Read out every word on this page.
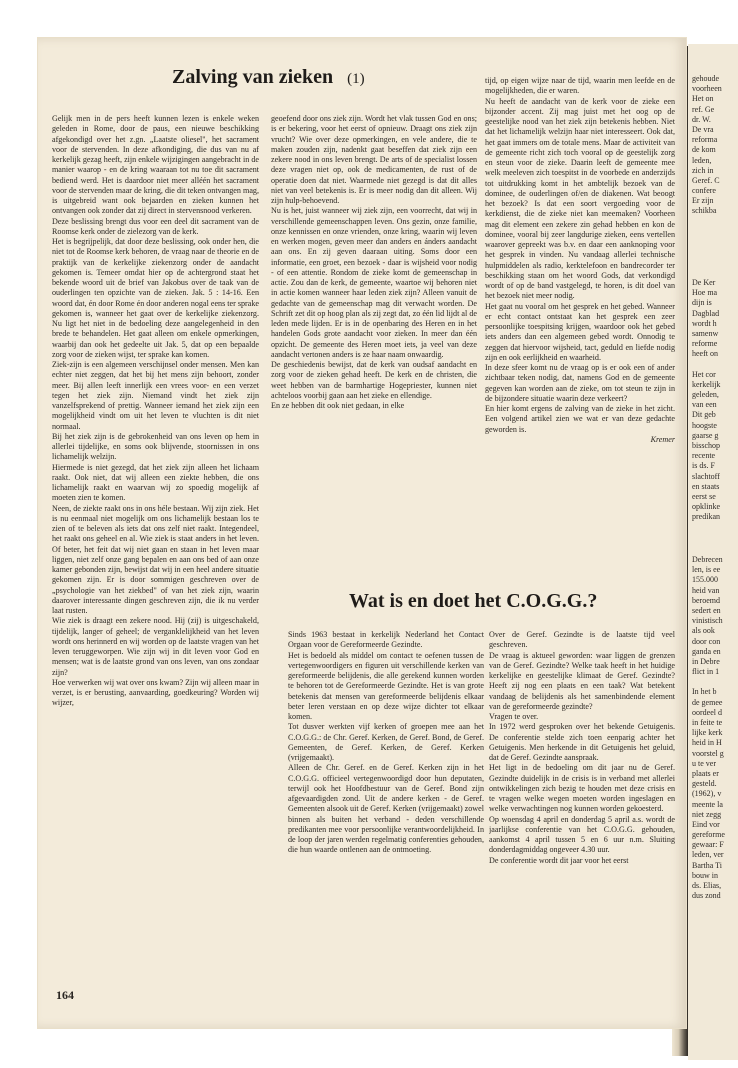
gehoude
voorheen
Het on
ref. Ge
dr. W.
De vra
reforma
de kom
leden,
zich in
Geref. C
confere
Er zijn
schikba
De Ker
Hoe ma
dijn is
Dagblad
wordt h
samenw
reforme
heeft on
Het cor
kerkelijk
geleden,
van een
Dit geb
hoogste
gaarse g
bisschop
recente
is ds. F
slachtoff
en staats
eerst se
opklinke
predikan
Debrecen
len, is ee
155.000
heid van
beroemd
sedert en
vinistisch
als ook
door con
ganda en
in Debre
flict in 1
In het b
de gemee
oordeel d
in feite te
lijke kerk
heid in H
voorstel g
u te ver
plaats er
gesteld.
(1962), v
meente la
niet zegg
Eind vor
gereforme
gewaar: F
leden, ver
Bartha Ti
bouw in
ds. Elias,
dus zond
Zalving van zieken (1)

Gelijk men in de pers heeft kunnen lezen is enkele weken geleden in Rome, door de paus, een nieuwe beschikking afgekondigd over het z.gn. „Laatste oliesel", het sacrament voor de stervenden. In deze afkondiging, die dus van nu af kerkelijk gezag heeft, zijn enkele wijzigingen aangebracht in de manier waarop - en de kring waaraan tot nu toe dit sacrament bediend werd. Het is daardoor niet meer alléén het sacrament voor de stervenden maar de kring, die dit teken ontvangen mag, is uitgebreid want ook bejaarden en zieken kunnen het ontvangen ook zonder dat zij direct in stervensnood verkeren.

Deze beslissing brengt dus voor een deel dit sacrament van de Roomse kerk onder de zielezorg van de kerk.

Het is begrijpelijk, dat door deze beslissing, ook onder hen, die niet tot de Roomse kerk behoren, de vraag naar de theorie en de praktijk van de kerkelijke ziekenzorg onder de aandacht gekomen is. Temeer omdat hier op de achtergrond staat het bekende woord uit de brief van Jakobus over de taak van de ouderlingen ten opzichte van de zieken. Jak. 5 : 14-16. Een woord dat, én door Rome én door anderen nogal eens ter sprake gekomen is, wanneer het gaat over de kerkelijke ziekenzorg. Nu ligt het niet in de bedoeling deze aangelegenheid in den brede te behandelen. Het gaat alleen om enkele opmerkingen, waarbij dan ook het gedeelte uit Jak. 5, dat op een bepaalde zorg voor de zieken wijst, ter sprake kan komen.

Ziek-zijn is een algemeen verschijnsel onder mensen. Men kan echter niet zeggen, dat het bij het mens zijn behoort, zonder meer. Bij allen leeft innerlijk een vrees voor- en een verzet tegen het ziek zijn. Niemand vindt het ziek zijn vanzelfsprekend of prettig. Wanneer iemand het ziek zijn een mogelijkheid vindt om uit het leven te vluchten is dit niet normaal.

Bij het ziek zijn is de gebrokenheid van ons leven op hem in allerlei tijdelijke, en soms ook blijvende, stoornissen in ons lichamelijk welzijn.

Hiermede is niet gezegd, dat het ziek zijn alleen het lichaam raakt. Ook niet, dat wij alleen een ziekte hebben, die ons lichamelijk raakt en waarvan wij zo spoedig mogelijk af moeten zien te komen.

Neen, de ziekte raakt ons in ons héle bestaan. Wij zijn ziek. Het is nu eenmaal niet mogelijk om ons lichamelijk bestaan los te zien of te beleven als iets dat ons zelf niet raakt. Integendeel, het raakt ons geheel en al. Wie ziek is staat anders in het leven. Of beter, het feit dat wij niet gaan en staan in het leven maar liggen, niet zelf onze gang bepalen en aan ons bed of aan onze kamer gebonden zijn, bewijst dat wij in een heel andere situatie gekomen zijn. Er is door sommigen geschreven over de „psychologie van het ziekbed" of van het ziek zijn, waarin daarover interessante dingen geschreven zijn, die ik nu verder laat rusten.

Wie ziek is draagt een zekere nood. Hij (zij) is uitgeschakeld, tijdelijk, langer of geheel; de verganklelijkheid van het leven wordt ons herinnerd en wij worden op de laatste vragen van het leven teruggeworpen. Wie zijn wij in dit leven voor God en mensen; wat is de laatste grond van ons leven, van ons zondaar zijn?

Hoe verwerken wij wat over ons kwam? Zijn wij alleen maar in verzet, is er berusting, aanvaarding, goedkeuring? Worden wij wijzer,

geoefend door ons ziek zijn. Wordt het vlak tussen God en ons; is er bekering, voor het eerst of opnieuw. Draagt ons ziek zijn vrucht? Wie over deze opmerkingen, en vele andere, die te maken zouden zijn, nadenkt gaat beseffen dat ziek zijn een zekere nood in ons leven brengt. De arts of de specialist lossen deze vragen niet op, ook de medicamenten, de rust of de operatie doen dat niet. Waarmede niet gezegd is dat dit alles niet van veel betekenis is. Er is meer nodig dan dit alleen. Wij zijn hulp-behoevend.

Nu is het, juist wanneer wij ziek zijn, een voorrecht, dat wij in verschillende gemeenschappen leven. Ons gezin, onze familie, onze kennissen en onze vrienden, onze kring, waarin wij leven en werken mogen, geven meer dan anders en ánders aandacht aan ons. En zij geven daaraan uiting. Soms door een informatie, een groet, een bezoek - daar is wijsheid voor nodig - of een attentie. Rondom de zieke komt de gemeenschap in actie. Zou dan de kerk, de gemeente, waartoe wij behoren niet in actie komen wanneer haar leden ziek zijn? Alleen vanuit de gedachte van de gemeenschap mag dit verwacht worden. De Schrift zet dit op hoog plan als zij zegt dat, zo één lid lijdt al de leden mede lijden. Er is in de openbaring des Heren en in het handelen Gods grote aandacht voor zieken. In meer dan één opzicht. De gemeente des Heren moet iets, ja veel van deze aandacht vertonen anders is ze haar naam onwaardig.

De geschiedenis bewijst, dat de kerk van oudsaf aandacht en zorg voor de zieken gehad heeft. De kerk en de christen, die weet hebben van de barmhartige Hogepriester, kunnen niet achteloos voorbij gaan aan het zieke en ellendige.

En ze hebben dit ook niet gedaan, in elke

tijd, op eigen wijze naar de tijd, waarin men leefde en de mogelijkheden, die er waren.

Nu heeft de aandacht van de kerk voor de zieke een bijzonder accent. Zij mag juist met het oog op de geestelijke nood van het ziek zijn betekenis hebben. Niet dat het lichamelijk welzijn haar niet interesseert. Ook dat, het gaat immers om de totale mens. Maar de activiteit van de gemeente richt zich toch vooral op de geestelijk zorg en steun voor de zieke. Daarin leeft de gemeente mee welk meeleven zich toespitst in de voorbede en anderzijds tot uitdrukking komt in het ambtelijk bezoek van de dominee, de ouderlingen of/en de diakenen. Wat beoogt het bezoek? Is dat een soort vergoeding voor de kerkdienst, die de zieke niet kan meemaken? Voorheen mag dit element een zekere zin gehad hebben en kon de dominee, vooral bij zeer langdurige zieken, eens vertellen waarover gepreekt was b.v. en daar een aanknoping voor het gesprek in vinden. Nu vandaag allerlei technische hulpmiddelen als radio, kerktelefoon en bandrecorder ter beschikking staan om het woord Gods, dat verkondigd wordt of op de band vastgelegd, te horen, is dit doel van het bezoek niet meer nodig.

Het gaat nu vooral om het gesprek en het gebed. Wanneer er echt contact ontstaat kan het gesprek een zeer persoonlijke toespitsing krijgen, waardoor ook het gebed iets anders dan een algemeen gebed wordt. Onnodig te zeggen dat hiervoor wijsheid, tact, geduld en liefde nodig zijn en ook eerlijkheid en waarheid.

In deze sfeer komt nu de vraag op is er ook een of ander zichtbaar teken nodig, dat, namens God en de gemeente gegeven kan worden aan de zieke, om tot steun te zijn in de bijzondere situatie waarin deze verkeert?

En hier komt ergens de zalving van de zieke in het zicht. Een volgend artikel zien we wat er van deze gedachte geworden is.

Kremer

Wat is en doet het C.O.G.G.?

Sinds 1963 bestaat in kerkelijk Nederland het Contact Orgaan voor de Gereformeerde Gezindte.

Het is bedoeld als middel om contact te oefenen tussen de vertegenwoordigers en figuren uit verschillende kerken van gereformeerde belijdenis, die alle gerekend kunnen worden te behoren tot de Gereformeerde Gezindte. Het is van grote betekenis dat mensen van gereformeerde belijdenis elkaar beter leren verstaan en op deze wijze dichter tot elkaar komen.

Tot dusver werkten vijf kerken of groepen mee aan het C.O.G.G.: de Chr. Geref. Kerken, de Geref. Bond, de Geref. Gemeenten, de Geref. Kerken, de Geref. Kerken (vrijgemaakt).

Alleen de Chr. Geref. en de Geref. Kerken zijn in het C.O.G.G. officieel vertegenwoordigd door hun deputaten, terwijl ook het Hoofdbestuur van de Geref. Bond zijn afgevaardigden zond. Uit de andere kerken - de Geref. Gemeenten alsook uit de Geref. Kerken (vrijgemaakt) zowel binnen als buiten het verband - deden verschillende predikanten mee voor persoonlijke verantwoordelijkheid. In de loop der jaren werden regelmatig conferenties gehouden, die hun waarde ontlenen aan de ontmoeting.

Over de Geref. Gezindte is de laatste tijd veel geschreven.

De vraag is aktueel geworden: waar liggen de grenzen van de Geref. Gezindte? Welke taak heeft in het huidige kerkelijke en geestelijke klimaat de Geref. Gezindte? Heeft zij nog een plaats en een taak? Wat betekent vandaag de belijdenis als het samenbindende element van de gereformeerde gezindte?

Vragen te over.

In 1972 werd gesproken over het bekende Getuigenis. De conferentie stelde zich toen eenparig achter het Getuigenis. Men herkende in dit Getuigenis het geluid, dat de Geref. Gezindte aanspraak.

Het ligt in de bedoeling om dit jaar nu de Geref. Gezindte duidelijk in de crisis is in verband met allerlei ontwikkelingen zich bezig te houden met deze crisis en te vragen welke wegen moeten worden ingeslagen en welke verwachtingen nog kunnen worden gekoesterd.

Op woensdag 4 april en donderdag 5 april a.s. wordt de jaarlijkse conferentie van het C.O.G.G. gehouden, aankomst 4 april tussen 5 en 6 uur n.m. Sluiting donderdagmiddag ongeveer 4.30 uur.

De conferentie wordt dit jaar voor het eerst

164
